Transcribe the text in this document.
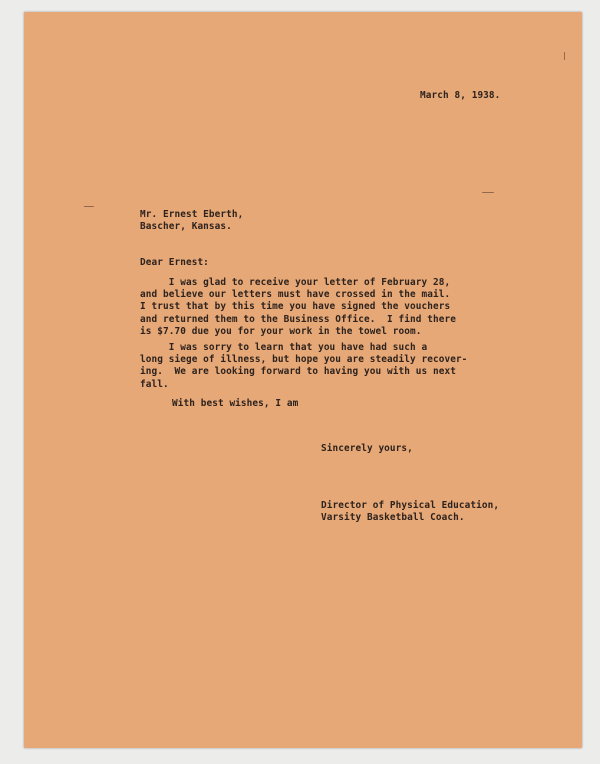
March 8, 1938.

Mr. Ernest Eberth,
Bascher, Kansas.

Dear Ernest:

I was glad to receive your letter of February 28,
and believe our letters must have crossed in the mail.
I trust that by this time you have signed the vouchers
and returned them to the Business Office.  I find there
is $7.70 due you for your work in the towel room.
I was sorry to learn that you have had such a
long siege of illness, but hope you are steadily recover-
ing.  We are looking forward to having you with us next
fall.

With best wishes, I am

Sincerely yours,

Director of Physical Education,
Varsity Basketball Coach.
